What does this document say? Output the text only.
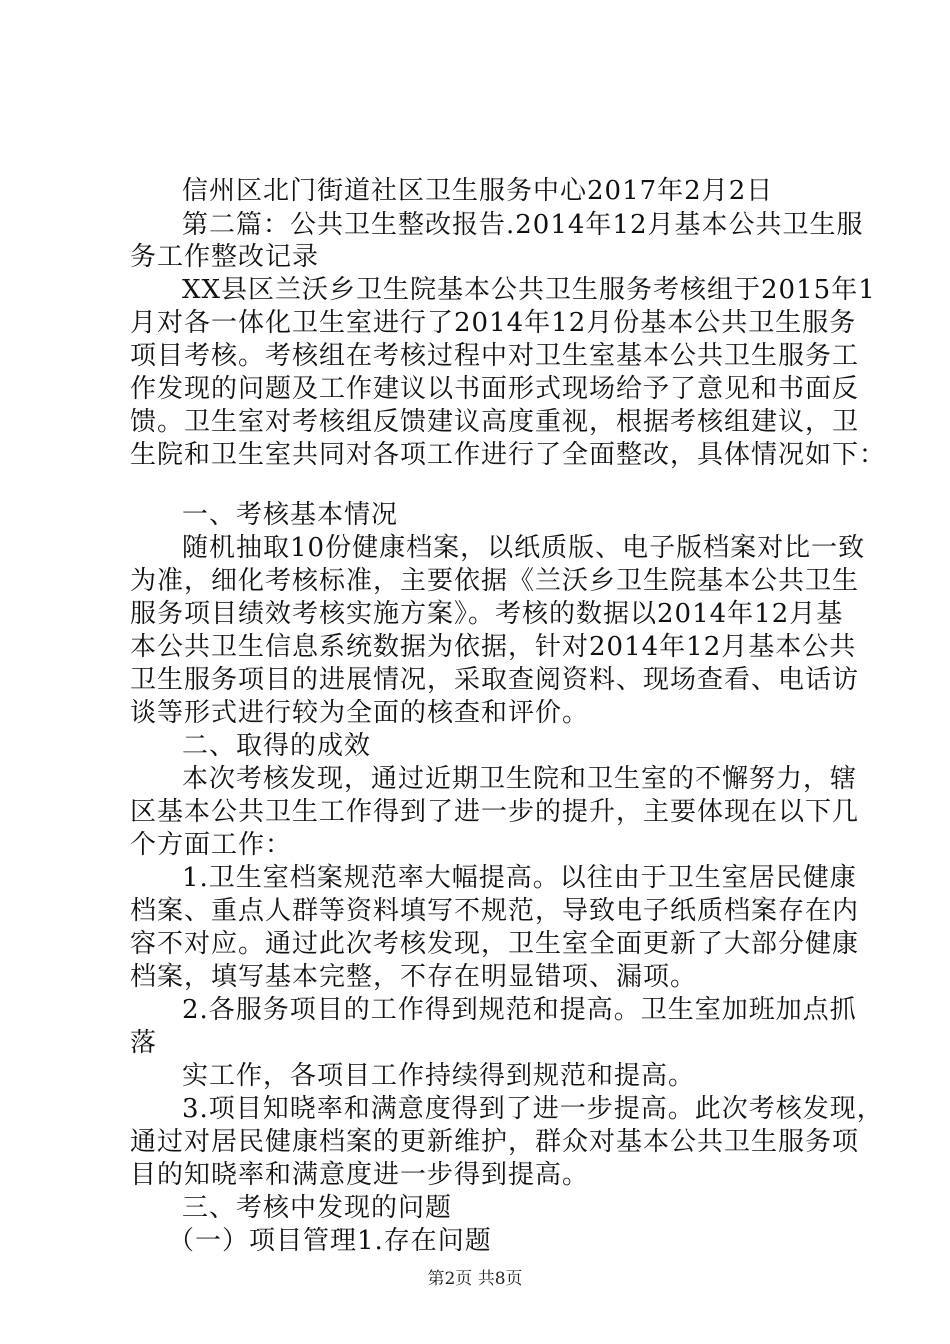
信州区北门街道社区卫生服务中心2017年2月2日
第二篇：公共卫生整改报告.2014年12月基本公共卫生服
务工作整改记录
XX县区兰沃乡卫生院基本公共卫生服务考核组于2015年1
月对各一体化卫生室进行了2014年12月份基本公共卫生服务
项目考核。考核组在考核过程中对卫生室基本公共卫生服务工
作发现的问题及工作建议以书面形式现场给予了意见和书面反
馈。卫生室对考核组反馈建议高度重视，根据考核组建议，卫
生院和卫生室共同对各项工作进行了全面整改，具体情况如下：
一、考核基本情况
随机抽取10份健康档案，以纸质版、电子版档案对比一致
为准，细化考核标准，主要依据《兰沃乡卫生院基本公共卫生
服务项目绩效考核实施方案》。考核的数据以2014年12月基
本公共卫生信息系统数据为依据，针对2014年12月基本公共
卫生服务项目的进展情况，采取查阅资料、现场查看、电话访
谈等形式进行较为全面的核查和评价。
二、取得的成效
本次考核发现，通过近期卫生院和卫生室的不懈努力，辖
区基本公共卫生工作得到了进一步的提升，主要体现在以下几
个方面工作：
1.卫生室档案规范率大幅提高。以往由于卫生室居民健康
档案、重点人群等资料填写不规范，导致电子纸质档案存在内
容不对应。通过此次考核发现，卫生室全面更新了大部分健康
档案，填写基本完整，不存在明显错项、漏项。
2.各服务项目的工作得到规范和提高。卫生室加班加点抓
落
实工作，各项目工作持续得到规范和提高。
3.项目知晓率和满意度得到了进一步提高。此次考核发现，
通过对居民健康档案的更新维护，群众对基本公共卫生服务项
目的知晓率和满意度进一步得到提高。
三、考核中发现的问题
（一）项目管理1.存在问题
第2页 共8页
